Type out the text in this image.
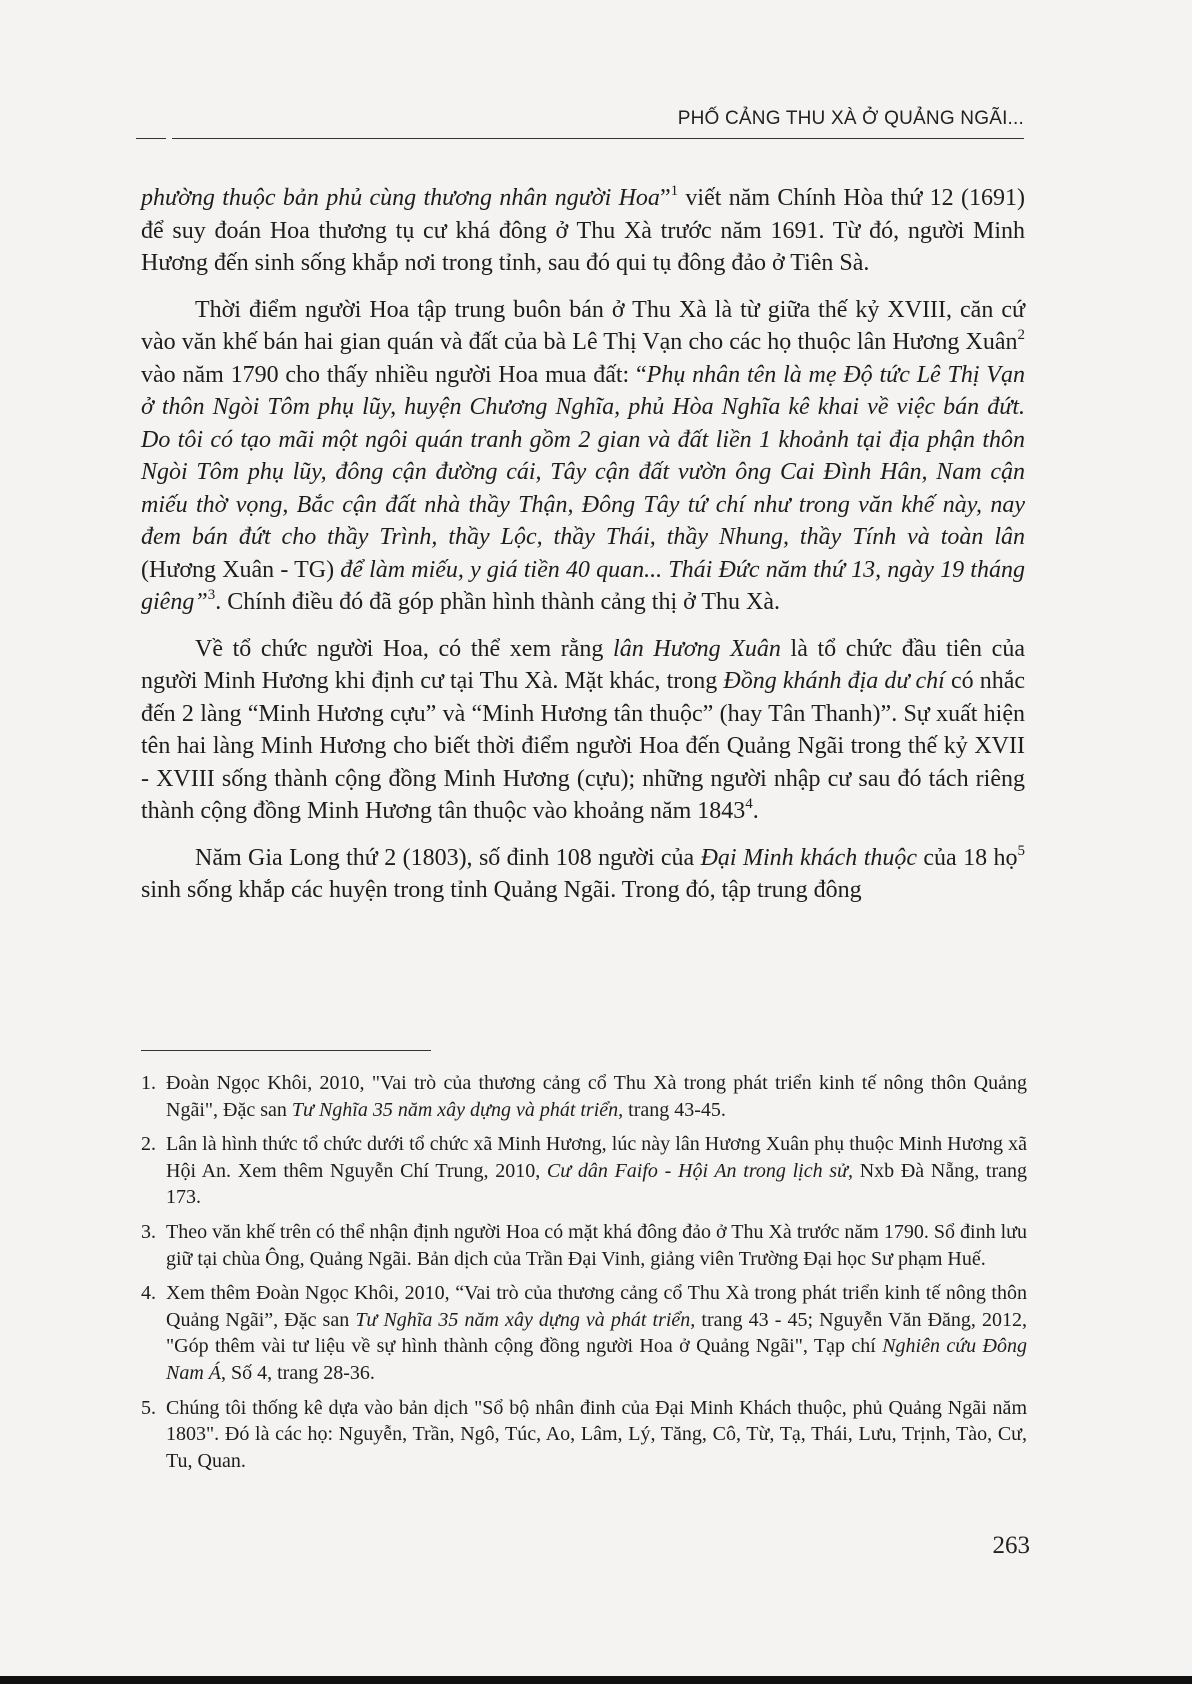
PHỐ CẢNG THU XÀ Ở QUẢNG NGÃI...

phường thuộc bản phủ cùng thương nhân người Hoa”$^1$ viết năm Chính Hòa thứ 12 (1691) để suy đoán Hoa thương tụ cư khá đông ở Thu Xà trước năm 1691. Từ đó, người Minh Hương đến sinh sống khắp nơi trong tỉnh, sau đó qui tụ đông đảo ở Tiên Sà.

Thời điểm người Hoa tập trung buôn bán ở Thu Xà là từ giữa thế kỷ XVIII, căn cứ vào văn khế bán hai gian quán và đất của bà Lê Thị Vạn cho các họ thuộc lân Hương Xuân$^2$ vào năm 1790 cho thấy nhiều người Hoa mua đất: “Phụ nhân tên là mẹ Độ tức Lê Thị Vạn ở thôn Ngòi Tôm phụ lũy, huyện Chương Nghĩa, phủ Hòa Nghĩa kê khai về việc bán đứt. Do tôi có tạo mãi một ngôi quán tranh gồm 2 gian và đất liền 1 khoảnh tại địa phận thôn Ngòi Tôm phụ lũy, đông cận đường cái, Tây cận đất vườn ông Cai Đình Hân, Nam cận miếu thờ vọng, Bắc cận đất nhà thầy Thận, Đông Tây tứ chí như trong văn khế này, nay đem bán đứt cho thầy Trình, thầy Lộc, thầy Thái, thầy Nhung, thầy Tính và toàn lân (Hương Xuân - TG) để làm miếu, y giá tiền 40 quan... Thái Đức năm thứ 13, ngày 19 tháng giêng”$^3$. Chính điều đó đã góp phần hình thành cảng thị ở Thu Xà.

Về tổ chức người Hoa, có thể xem rằng lân Hương Xuân là tổ chức đầu tiên của người Minh Hương khi định cư tại Thu Xà. Mặt khác, trong Đồng khánh địa dư chí có nhắc đến 2 làng “Minh Hương cựu” và “Minh Hương tân thuộc” (hay Tân Thanh)”. Sự xuất hiện tên hai làng Minh Hương cho biết thời điểm người Hoa đến Quảng Ngãi trong thế kỷ XVII - XVIII sống thành cộng đồng Minh Hương (cựu); những người nhập cư sau đó tách riêng thành cộng đồng Minh Hương tân thuộc vào khoảng năm 1843$^4$.

Năm Gia Long thứ 2 (1803), số đinh 108 người của Đại Minh khách thuộc của 18 họ$^5$ sinh sống khắp các huyện trong tỉnh Quảng Ngãi. Trong đó, tập trung đông

1. Đoàn Ngọc Khôi, 2010, "Vai trò của thương cảng cổ Thu Xà trong phát triển kinh tế nông thôn Quảng Ngãi", Đặc san Tư Nghĩa 35 năm xây dựng và phát triển, trang 43-45.
2. Lân là hình thức tổ chức dưới tổ chức xã Minh Hương, lúc này lân Hương Xuân phụ thuộc Minh Hương xã Hội An. Xem thêm Nguyễn Chí Trung, 2010, Cư dân Faifo - Hội An trong lịch sử, Nxb Đà Nẵng, trang 173.
3. Theo văn khế trên có thể nhận định người Hoa có mặt khá đông đảo ở Thu Xà trước năm 1790. Sổ đinh lưu giữ tại chùa Ông, Quảng Ngãi. Bản dịch của Trần Đại Vinh, giảng viên Trường Đại học Sư phạm Huế.
4. Xem thêm Đoàn Ngọc Khôi, 2010, “Vai trò của thương cảng cổ Thu Xà trong phát triển kinh tế nông thôn Quảng Ngãi”, Đặc san Tư Nghĩa 35 năm xây dựng và phát triển, trang 43 - 45; Nguyễn Văn Đăng, 2012, "Góp thêm vài tư liệu về sự hình thành cộng đồng người Hoa ở Quảng Ngãi", Tạp chí Nghiên cứu Đông Nam Á, Số 4, trang 28-36.
5. Chúng tôi thống kê dựa vào bản dịch "Sổ bộ nhân đinh của Đại Minh Khách thuộc, phủ Quảng Ngãi năm 1803". Đó là các họ: Nguyễn, Trần, Ngô, Túc, Ao, Lâm, Lý, Tăng, Cô, Từ, Tạ, Thái, Lưu, Trịnh, Tào, Cư, Tu, Quan.
263
